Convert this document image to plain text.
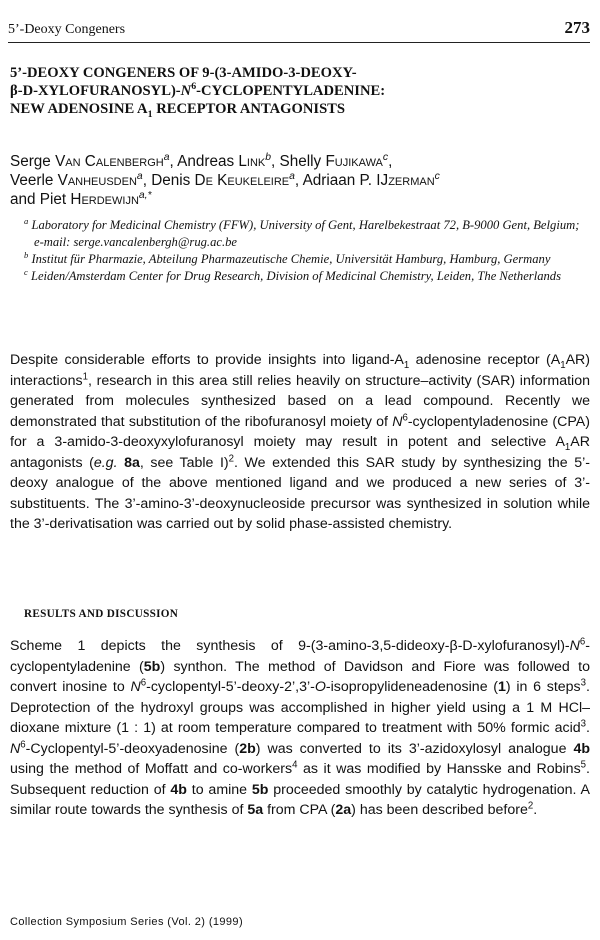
5’-Deoxy Congeners	273
5’-DEOXY CONGENERS OF 9-(3-AMIDO-3-DEOXY-
$\beta-D-XYLOFURANOSYL)-N^6$-CYCLOPENTYLADENINE:
NEW ADENOSINE $A_1$ RECEPTOR ANTAGONISTS
Serge Van Calenbergh$^a$, Andreas Link$^b$, Shelly Fujikawa$^c$,
Veerle Vanheusden$^a$, Denis De Keukeleire$^a$, Adriaan P. IJzerman$^c$
and Piet Herdewijn$^{a,*}$
$^a$ Laboratory for Medicinal Chemistry (FFW), University of Gent, Harelbekestraat 72, B-9000 Gent, Belgium; e-mail: serge.vancalenbergh@rug.ac.be
$^b$ Institut für Pharmazie, Abteilung Pharmazeutische Chemie, Universität Hamburg, Hamburg, Germany
$^c$ Leiden/Amsterdam Center for Drug Research, Division of Medicinal Chemistry, Leiden, The Netherlands

Despite considerable efforts to provide insights into ligand-$A_1$ adenosine receptor $(A_1AR)$ interactions$^1$, research in this area still relies heavily on structure–activity (SAR) information generated from molecules synthesized based on a lead compound. Recently we demonstrated that substitution of the ribofuranosyl moiety of $N^6$-cyclopentyladenosine (CPA) for a 3-amido-3-deoxyxylofuranosyl moiety may result in potent and selective $A_1AR$ antagonists (e.g. 8a, see Table I)$^2$. We extended this SAR study by synthesizing the 5’-deoxy analogue of the above mentioned ligand and we produced a new series of 3’-substituents. The 3’-amino-3’-deoxynucleoside precursor was synthesized in solution while the 3’-derivatisation was carried out by solid phase-assisted chemistry.

RESULTS AND DISCUSSION

Scheme 1 depicts the synthesis of $9-(3-amino-3,5-dideoxy-\beta-D-xylofuranosyl)-N^6$-cyclopentyladenine (5b) synthon. The method of Davidson and Fiore was followed to convert inosine to $N^6-cyclopentyl-5’-deoxy-2’,3’-O$-isopropylideneadenosine (1) in 6 steps$^3$. Deprotection of the hydroxyl groups was accomplished in higher yield using a 1 M HCl–dioxane mixture (1 : 1) at room temperature compared to treatment with 50% formic acid$^3$. $N^6-Cyclopentyl-5$’-deoxyadenosine (2b) was converted to its 3’-azidoxylosyl analogue 4b using the method of Moffatt and co-workers$^4$ as it was modified by Hansske and Robins$^5$. Subsequent reduction of 4b to amine 5b proceeded smoothly by catalytic hydrogenation. A similar route towards the synthesis of 5a from CPA (2a) has been described before$^2$.

Collection Symposium Series (Vol. 2) (1999)
